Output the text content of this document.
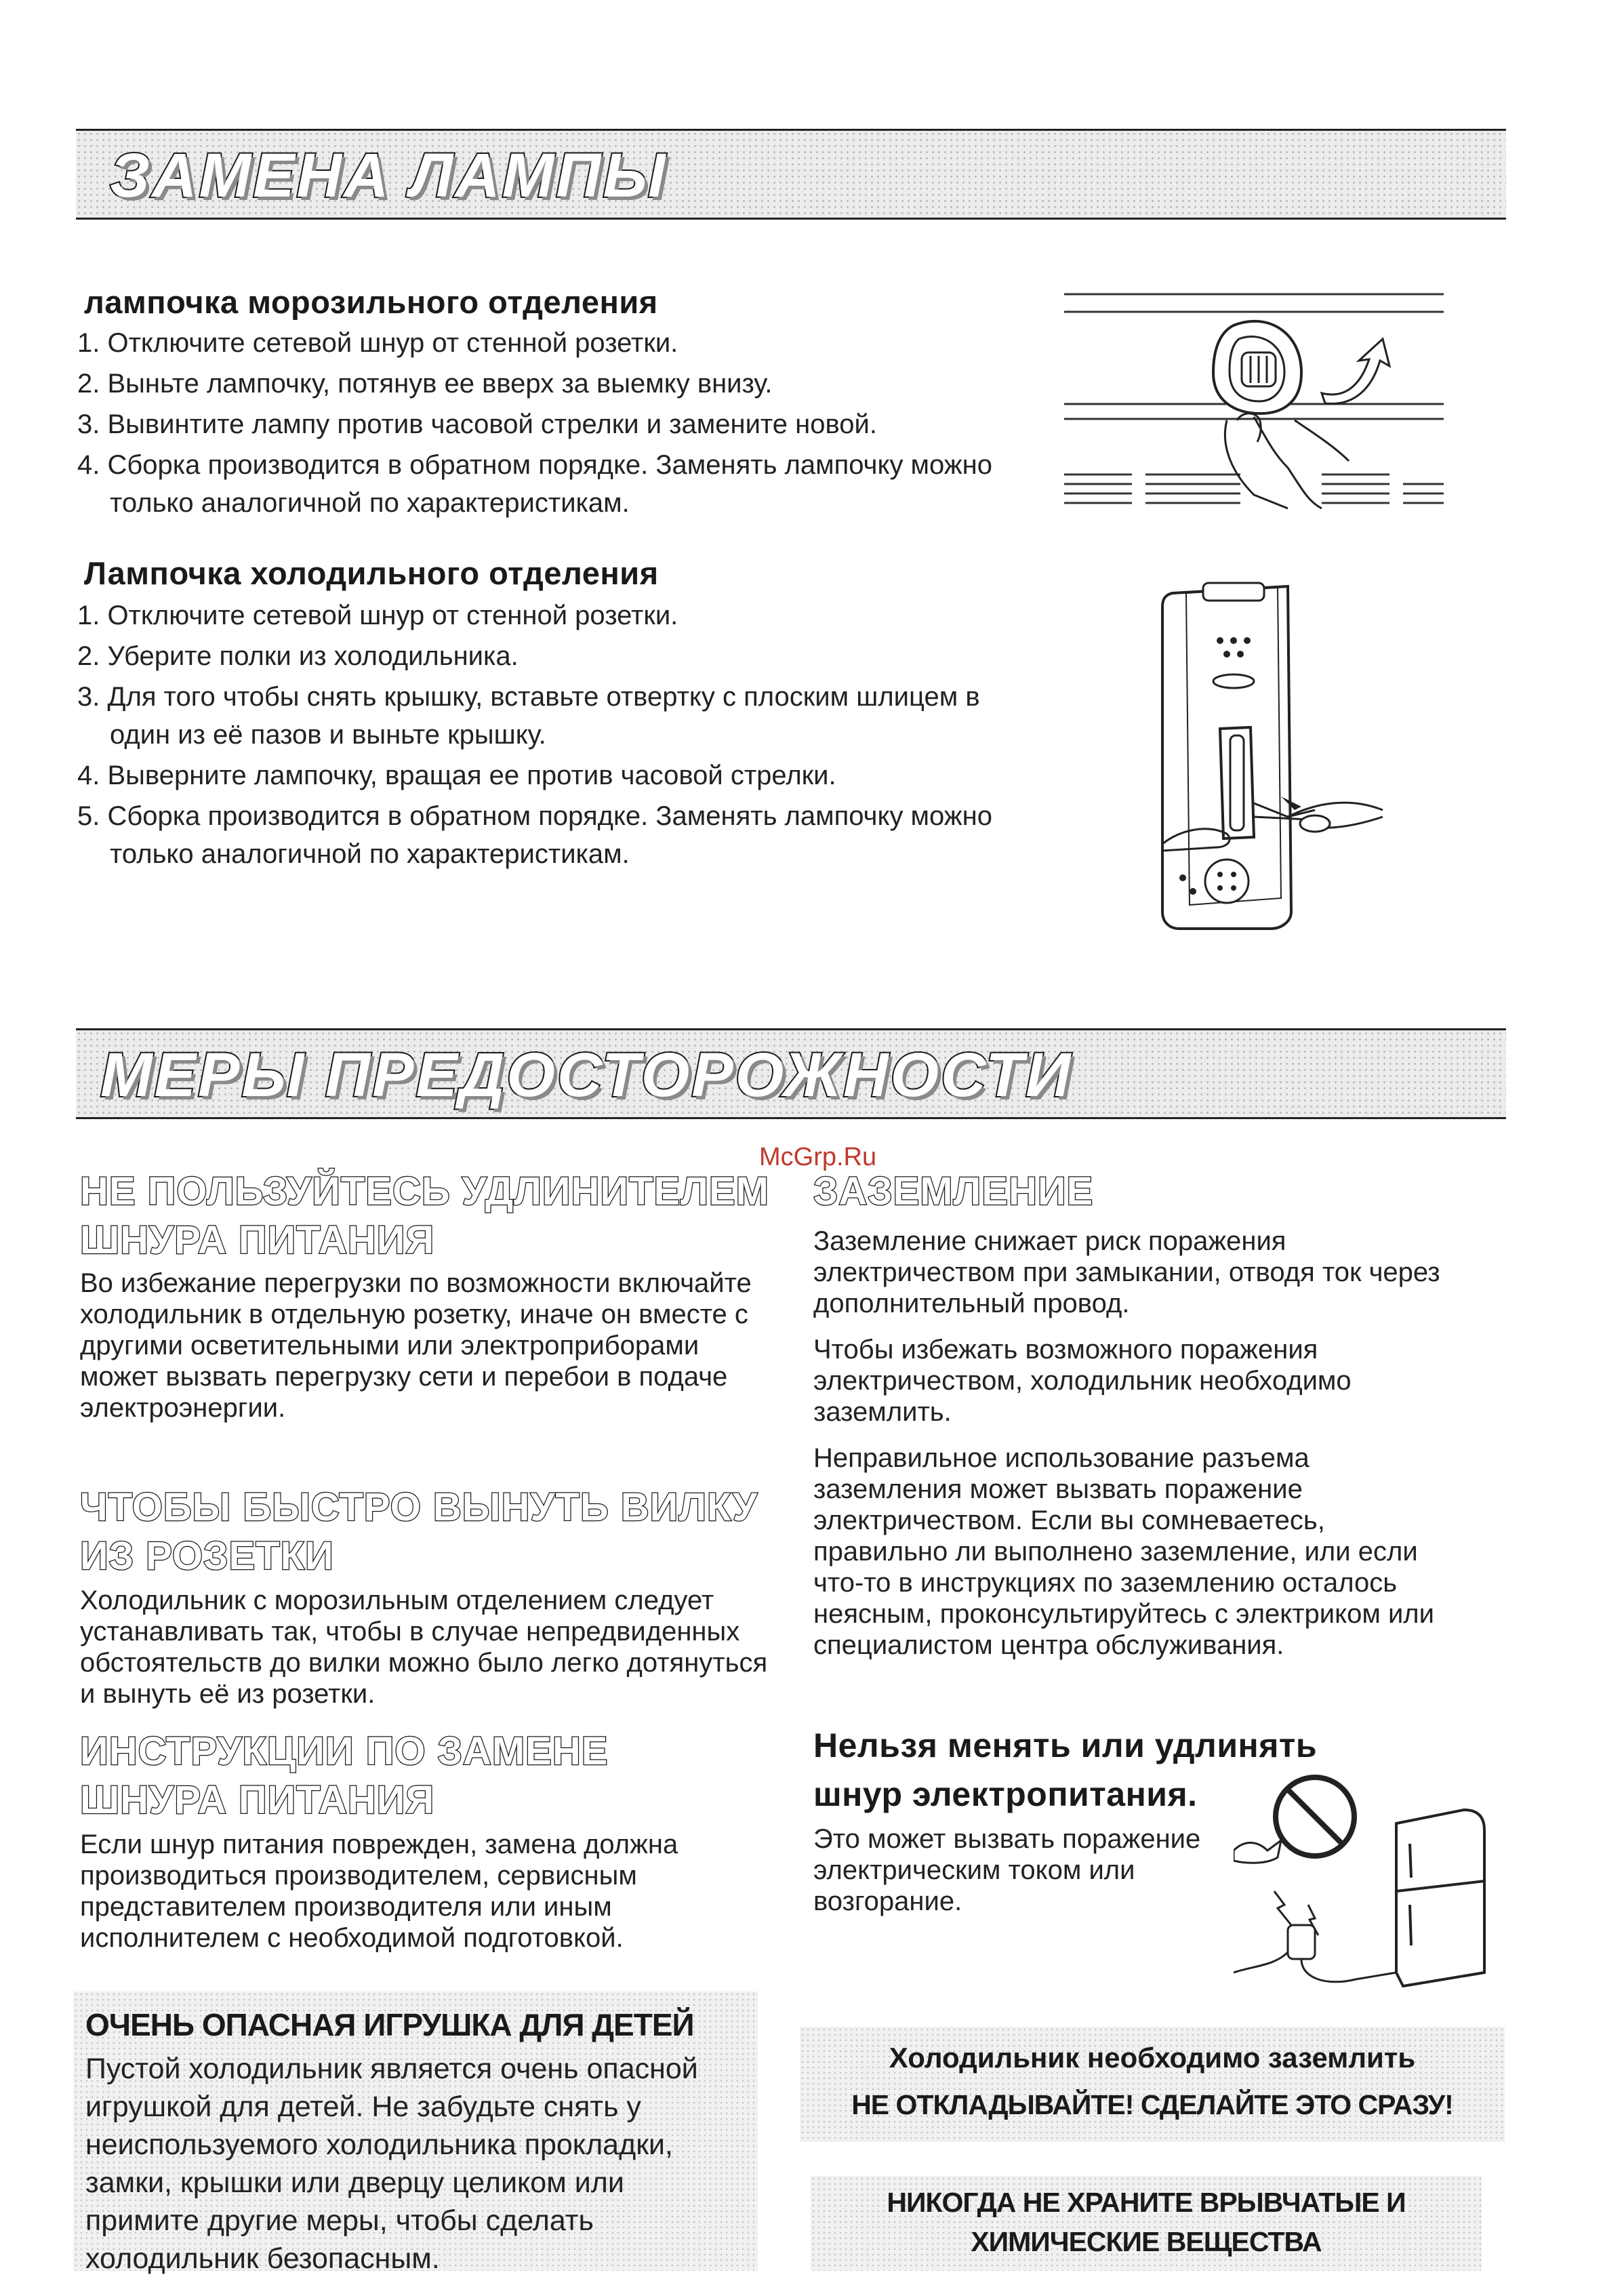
ЗАМЕНА ЛАМПЫ
лампочка морозильного отделения
1. Отключите сетевой шнур от стенной розетки.
2. Выньте лампочку, потянув ее вверх за выемку внизу.
3. Вывинтите лампу против часовой стрелки и замените новой.
4. Сборка производится в обратном порядке. Заменять лампочку можно только аналогичной по характеристикам.
Лампочка холодильного отделения
1. Отключите сетевой шнур от стенной розетки.
2. Уберите полки из холодильника.
3. Для того чтобы снять крышку, вставьте отвертку с плоским шлицем в один из её пазов и выньте крышку.
4. Выверните лампочку, вращая ее против часовой стрелки.
5. Сборка производится в обратном порядке. Заменять лампочку можно только аналогичной по характеристикам.
МЕРЫ ПРЕДОСТОРОЖНОСТИ
McGrp.Ru
НЕ ПОЛЬЗУЙТЕСЬ УДЛИНИТЕЛЕМ ШНУРА ПИТАНИЯ
Во избежание перегрузки по возможности включайте холодильник в отдельную розетку, иначе он вместе с другими осветительными или электроприборами может вызвать перегрузку сети и перебои в подаче электроэнергии.
ЧТОБЫ БЫСТРО ВЫНУТЬ ВИЛКУ ИЗ РОЗЕТКИ
Холодильник с морозильным отделением следует устанавливать так, чтобы в случае непредвиденных обстоятельств до вилки можно было легко дотянуться и вынуть её из розетки.
ИНСТРУКЦИИ ПО ЗАМЕНЕ ШНУРА ПИТАНИЯ
Если шнур питания поврежден, замена должна производиться производителем, сервисным представителем производителя или иным исполнителем с необходимой подготовкой.
ОЧЕНЬ ОПАСНАЯ ИГРУШКА ДЛЯ ДЕТЕЙ
Пустой холодильник является очень опасной игрушкой для детей. Не забудьте снять у неиспользуемого холодильника прокладки, замки, крышки или дверцу целиком или примите другие меры, чтобы сделать холодильник безопасным.
ЗАЗЕМЛЕНИЕ

Заземление снижает риск поражения электричеством при замыкании, отводя ток через дополнительный провод.

Чтобы избежать возможного поражения электричеством, холодильник необходимо заземлить.

Неправильное использование разъема заземления может вызвать поражение электричеством. Если вы сомневаетесь, правильно ли выполнено заземление, или если что-то в инструкциях по заземлению осталось неясным, проконсультируйтесь с электриком или специалистом центра обслуживания.

Нельзя менять или удлинять
шнур электропитания.
Это может вызвать поражение электрическим током или возгорание.
Холодильник необходимо заземлить
НЕ ОТКЛАДЫВАЙТЕ! СДЕЛАЙТЕ ЭТО СРАЗУ!
НИКОГДА НЕ ХРАНИТЕ ВРЫВЧАТЫЕ И
ХИМИЧЕСКИЕ ВЕЩЕСТВА
